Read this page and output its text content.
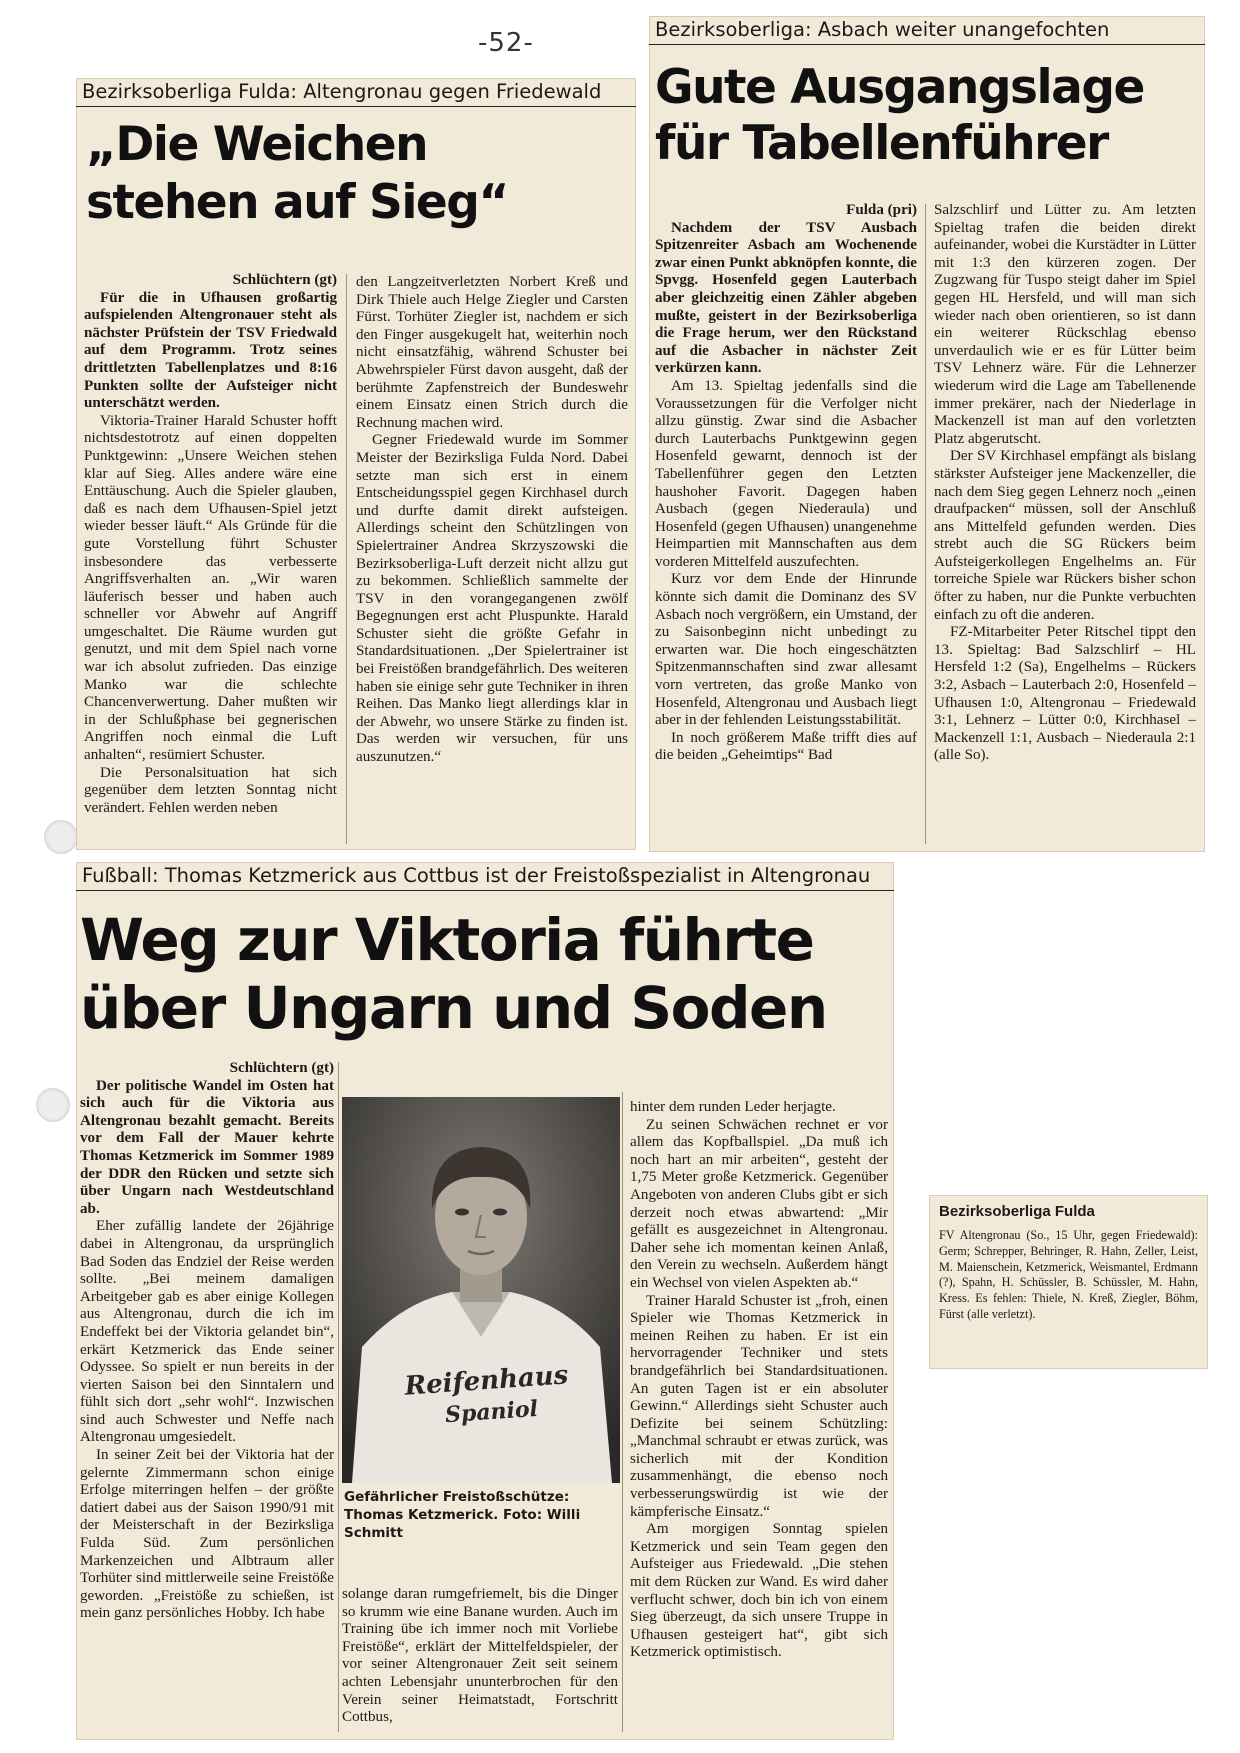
-52-
Bezirksoberliga Fulda: Altengronau gegen Friedewald
„Die Weichen
stehen auf Sieg“

Schlüchtern (gt)

Für die in Ufhausen großartig aufspielenden Altengronauer steht als nächster Prüfstein der TSV Friedwald auf dem Programm. Trotz seines drittletzten Tabellenplatzes und 8:16 Punkten sollte der Aufsteiger nicht unterschätzt werden.

Viktoria-Trainer Harald Schuster hofft nichtsdestotrotz auf einen doppelten Punktgewinn: „Unsere Weichen stehen klar auf Sieg. Alles andere wäre eine Enttäuschung. Auch die Spieler glauben, daß es nach dem Ufhausen-Spiel jetzt wieder besser läuft.“ Als Gründe für die gute Vorstellung führt Schuster insbesondere das verbesserte Angriffsverhalten an. „Wir waren läuferisch besser und haben auch schneller vor Abwehr auf Angriff umgeschaltet. Die Räume wurden gut genutzt, und mit dem Spiel nach vorne war ich absolut zufrieden. Das einzige Manko war die schlechte Chancenverwertung. Daher mußten wir in der Schlußphase bei gegnerischen Angriffen noch einmal die Luft anhalten“, resümiert Schuster.

Die Personalsituation hat sich gegenüber dem letzten Sonntag nicht verändert. Fehlen werden neben

den Langzeitverletzten Norbert Kreß und Dirk Thiele auch Helge Ziegler und Carsten Fürst. Torhüter Ziegler ist, nachdem er sich den Finger ausgekugelt hat, weiterhin noch nicht einsatzfähig, während Schuster bei Abwehrspieler Fürst davon ausgeht, daß der berühmte Zapfenstreich der Bundeswehr einem Einsatz einen Strich durch die Rechnung machen wird.

Gegner Friedewald wurde im Sommer Meister der Bezirksliga Fulda Nord. Dabei setzte man sich erst in einem Entscheidungsspiel gegen Kirchhasel durch und durfte damit direkt aufsteigen. Allerdings scheint den Schützlingen von Spielertrainer Andrea Skrzyszowski die Bezirksoberliga-Luft derzeit nicht allzu gut zu bekommen. Schließlich sammelte der TSV in den vorangegangenen zwölf Begegnungen erst acht Pluspunkte. Harald Schuster sieht die größte Gefahr in Standardsituationen. „Der Spielertrainer ist bei Freistößen brandgefährlich. Des weiteren haben sie einige sehr gute Techniker in ihren Reihen. Das Manko liegt allerdings klar in der Abwehr, wo unsere Stärke zu finden ist. Das werden wir versuchen, für uns auszunutzen.“

Bezirksoberliga: Asbach weiter unangefochten
Gute Ausgangslage
für Tabellenführer

Fulda (pri)

Nachdem der TSV Ausbach Spitzenreiter Asbach am Wochenende zwar einen Punkt abknöpfen konnte, die Spvgg. Hosenfeld gegen Lauterbach aber gleichzeitig einen Zähler abgeben mußte, geistert in der Bezirksoberliga die Frage herum, wer den Rückstand auf die Asbacher in nächster Zeit verkürzen kann.

Am 13. Spieltag jedenfalls sind die Voraussetzungen für die Verfolger nicht allzu günstig. Zwar sind die Asbacher durch Lauterbachs Punktgewinn gegen Hosenfeld gewarnt, dennoch ist der Tabellenführer gegen den Letzten haushoher Favorit. Dagegen haben Ausbach (gegen Niederaula) und Hosenfeld (gegen Ufhausen) unangenehme Heimpartien mit Mannschaften aus dem vorderen Mittelfeld auszufechten.

Kurz vor dem Ende der Hinrunde könnte sich damit die Dominanz des SV Asbach noch vergrößern, ein Umstand, der zu Saisonbeginn nicht unbedingt zu erwarten war. Die hoch eingeschätzten Spitzenmannschaften sind zwar allesamt vorn vertreten, das große Manko von Hosenfeld, Altengronau und Ausbach liegt aber in der fehlenden Leistungsstabilität.

In noch größerem Maße trifft dies auf die beiden „Geheimtips“ Bad

Salzschlirf und Lütter zu. Am letzten Spieltag trafen die beiden direkt aufeinander, wobei die Kurstädter in Lütter mit 1:3 den kürzeren zogen. Der Zugzwang für Tuspo steigt daher im Spiel gegen HL Hersfeld, und will man sich wieder nach oben orientieren, so ist dann ein weiterer Rückschlag ebenso unverdaulich wie er es für Lütter beim TSV Lehnerz wäre. Für die Lehnerzer wiederum wird die Lage am Tabellenende immer prekärer, nach der Niederlage in Mackenzell ist man auf den vorletzten Platz abgerutscht.

Der SV Kirchhasel empfängt als bislang stärkster Aufsteiger jene Mackenzeller, die nach dem Sieg gegen Lehnerz noch „einen draufpacken“ müssen, soll der Anschluß ans Mittelfeld gefunden werden. Dies strebt auch die SG Rückers beim Aufsteigerkollegen Engelhelms an. Für torreiche Spiele war Rückers bisher schon öfter zu haben, nur die Punkte verbuchten einfach zu oft die anderen.

FZ-Mitarbeiter Peter Ritschel tippt den 13. Spieltag: Bad Salzschlirf – HL Hersfeld 1:2 (Sa), Engelhelms – Rückers 3:2, Asbach – Lauterbach 2:0, Hosenfeld – Ufhausen 1:0, Altengronau – Friedewald 3:1, Lehnerz – Lütter 0:0, Kirchhasel – Mackenzell 1:1, Ausbach – Niederaula 2:1 (alle So).

Fußball: Thomas Ketzmerick aus Cottbus ist der Freistoßspezialist in Altengronau
Weg zur Viktoria führte
über Ungarn und Soden

Schlüchtern (gt)

Der politische Wandel im Osten hat sich auch für die Viktoria aus Altengronau bezahlt gemacht. Bereits vor dem Fall der Mauer kehrte Thomas Ketzmerick im Sommer 1989 der DDR den Rücken und setzte sich über Ungarn nach Westdeutschland ab.

Eher zufällig landete der 26jährige dabei in Altengronau, da ursprünglich Bad Soden das Endziel der Reise werden sollte. „Bei meinem damaligen Arbeitgeber gab es aber einige Kollegen aus Altengronau, durch die ich im Endeffekt bei der Viktoria gelandet bin“, erkärt Ketzmerick das Ende seiner Odyssee. So spielt er nun bereits in der vierten Saison bei den Sinntalern und fühlt sich dort „sehr wohl“. Inzwischen sind auch Schwester und Neffe nach Altengronau umgesiedelt.

In seiner Zeit bei der Viktoria hat der gelernte Zimmermann schon einige Erfolge miterringen helfen – der größte datiert dabei aus der Saison 1990/91 mit der Meisterschaft in der Bezirksliga Fulda Süd. Zum persönlichen Markenzeichen und Albtraum aller Torhüter sind mittlerweile seine Freistöße geworden. „Freistöße zu schießen, ist mein ganz persönliches Hobby. Ich habe

solange daran rumgefriemelt, bis die Dinger so krumm wie eine Banane wurden. Auch im Training übe ich immer noch mit Vorliebe Freistöße“, erklärt der Mittelfeldspieler, der vor seiner Altengronauer Zeit seit seinem achten Lebensjahr ununterbrochen für den Verein seiner Heimatstadt, Fortschritt Cottbus,

hinter dem runden Leder herjagte.

Zu seinen Schwächen rechnet er vor allem das Kopfballspiel. „Da muß ich noch hart an mir arbeiten“, gesteht der 1,75 Meter große Ketzmerick. Gegenüber Angeboten von anderen Clubs gibt er sich derzeit noch etwas abwartend: „Mir gefällt es ausgezeichnet in Altengronau. Daher sehe ich momentan keinen Anlaß, den Verein zu wechseln. Außerdem hängt ein Wechsel von vielen Aspekten ab.“

Trainer Harald Schuster ist „froh, einen Spieler wie Thomas Ketzmerick in meinen Reihen zu haben. Er ist ein hervorragender Techniker und stets brandgefährlich bei Standardsituationen. An guten Tagen ist er ein absoluter Gewinn.“ Allerdings sieht Schuster auch Defizite bei seinem Schützling: „Manchmal schraubt er etwas zurück, was sicherlich mit der Kondition zusammenhängt, die ebenso noch verbesserungswürdig ist wie der kämpferische Einsatz.“

Am morgigen Sonntag spielen Ketzmerick und sein Team gegen den Aufsteiger aus Friedewald. „Die stehen mit dem Rücken zur Wand. Es wird daher verflucht schwer, doch bin ich von einem Sieg überzeugt, da sich unsere Truppe in Ufhausen gesteigert hat“, gibt sich Ketzmerick optimistisch.

Reifenhaus
Spaniol

Gefährlicher Freistoßschütze: Thomas Ketzmerick. Foto: Willi Schmitt

Bezirksoberliga Fulda

FV Altengronau (So., 15 Uhr, gegen Friedewald): Germ; Schrepper, Behringer, R. Hahn, Zeller, Leist, M. Maienschein, Ketzmerick, Weismantel, Erdmann (?), Spahn, H. Schüssler, B. Schüssler, M. Hahn, Kress. Es fehlen: Thiele, N. Kreß, Ziegler, Böhm, Fürst (alle verletzt).
